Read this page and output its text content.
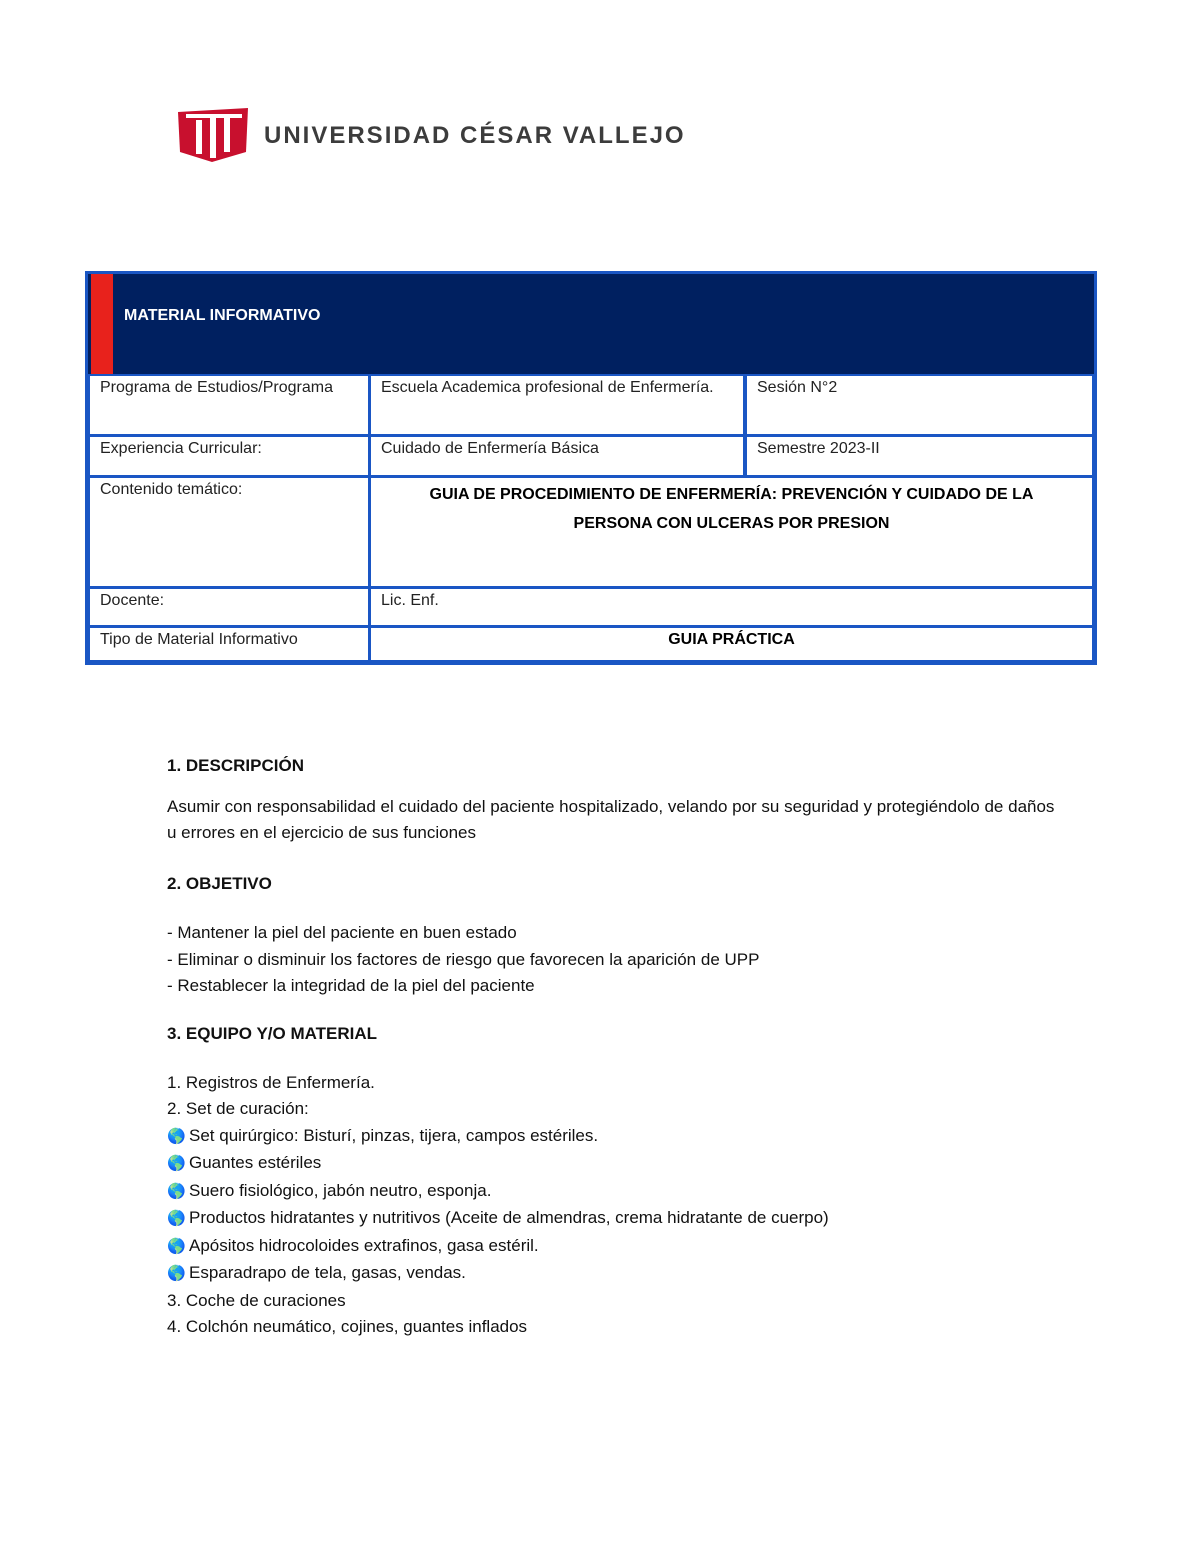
UNIVERSIDAD CÉSAR VALLEJO
MATERIAL INFORMATIVO
Programa de Estudios/Programa	Escuela Academica profesional de Enfermería.	Sesión N°2
Experiencia Curricular:	Cuidado de Enfermería Básica	Semestre 2023-II
Contenido temático:	GUIA DE PROCEDIMIENTO DE ENFERMERÍA: PREVENCIÓN Y CUIDADO DE LA PERSONA CON ULCERAS POR PRESION
Docente:	Lic. Enf.
Tipo de Material Informativo	GUIA PRÁCTICA
1. DESCRIPCIÓN
Asumir con responsabilidad el cuidado del paciente hospitalizado, velando por su seguridad y protegiéndolo de daños u errores en el ejercicio de sus funciones
2. OBJETIVO
- Mantener la piel del paciente en buen estado
- Eliminar o disminuir los factores de riesgo que favorecen la aparición de UPP
- Restablecer la integridad de la piel del paciente
3. EQUIPO Y/O MATERIAL
1. Registros de Enfermería.
2. Set de curación:
🌎 Set quirúrgico: Bisturí, pinzas, tijera, campos estériles.
🌎 Guantes estériles
🌎 Suero fisiológico, jabón neutro, esponja.
🌎 Productos hidratantes y nutritivos (Aceite de almendras, crema hidratante de cuerpo)
🌎 Apósitos hidrocoloides extrafinos, gasa estéril.
🌎 Esparadrapo de tela, gasas, vendas.
3. Coche de curaciones
4. Colchón neumático, cojines, guantes inflados
